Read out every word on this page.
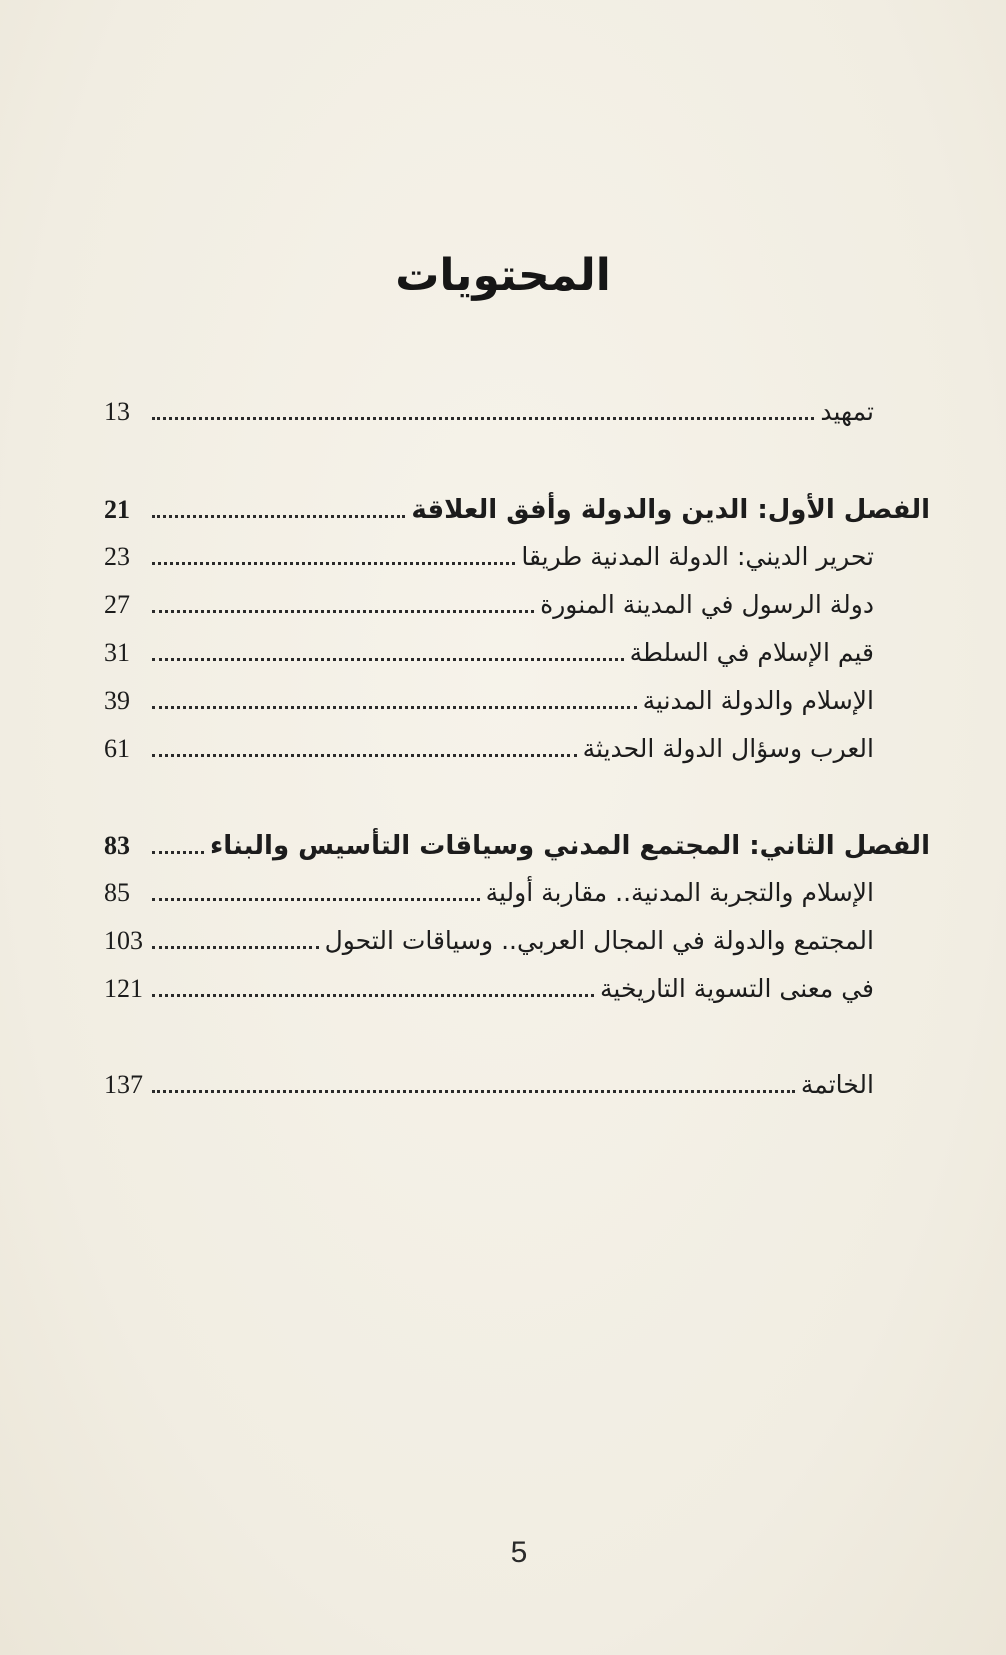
المحتويات
تمهيد
13
الفصل الأول: الدين والدولة وأفق العلاقة
21
تحرير الديني: الدولة المدنية طريقا
23
دولة الرسول في المدينة المنورة
27
قيم الإسلام في السلطة
31
الإسلام والدولة المدنية
39
العرب وسؤال الدولة الحديثة
61
الفصل الثاني: المجتمع المدني وسياقات التأسيس والبناء
83
الإسلام والتجربة المدنية.. مقاربة أولية
85
المجتمع والدولة في المجال العربي.. وسياقات التحول
103
في معنى التسوية التاريخية
121
الخاتمة
137
5
